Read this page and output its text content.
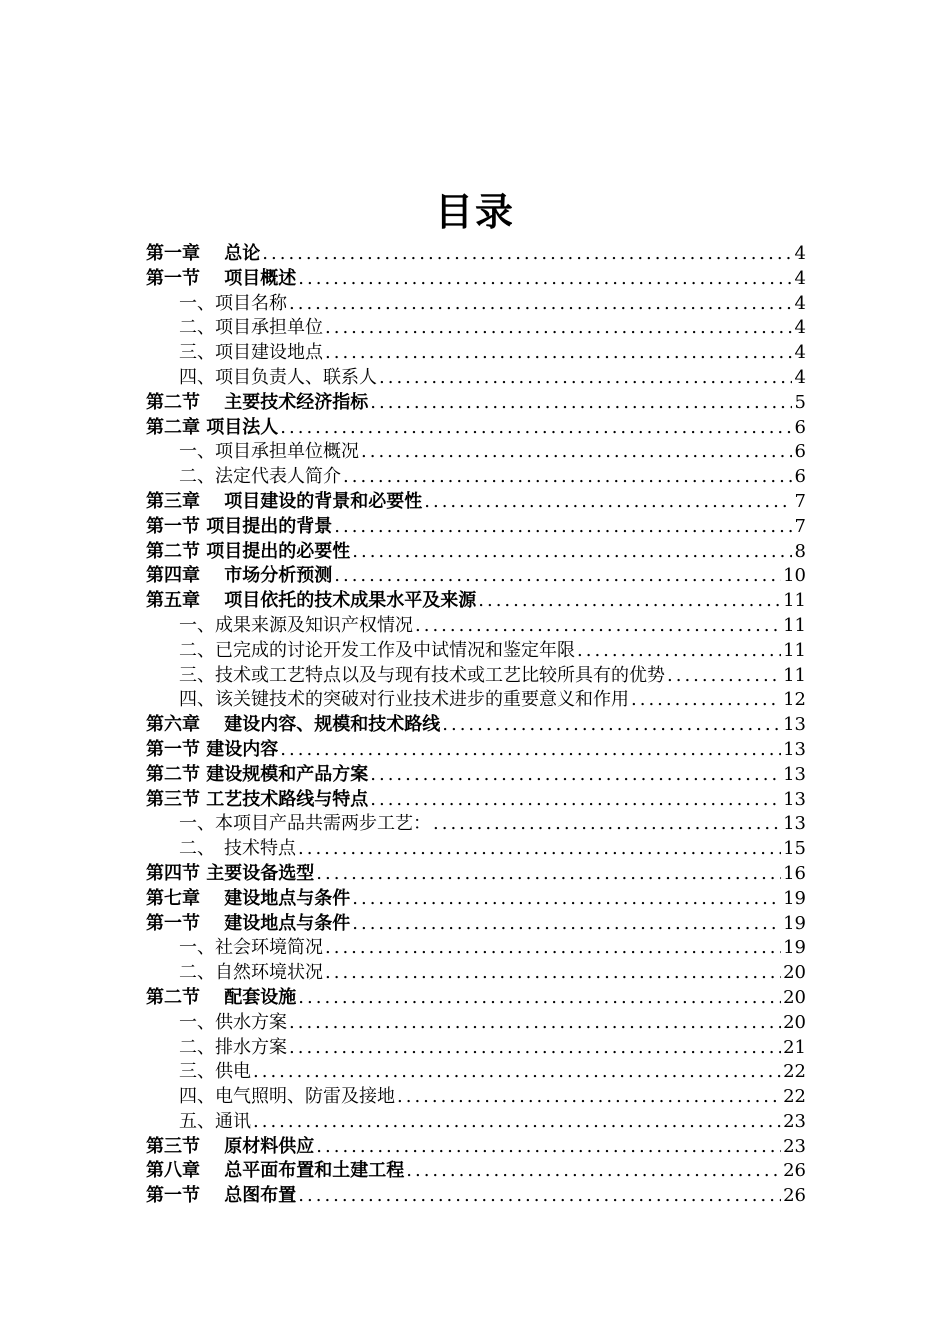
目录
第一章　 总论 .....	4
第一节　 项目概述 .....	4
一、项目名称 .....	4
二、项目承担单位 .....	4
三、项目建设地点 .....	4
四、项目负责人、联系人 .....	4
第二节　 主要技术经济指标 .....	5
第二章 项目法人 .....	6
一、项目承担单位概况 .....	6
二、法定代表人简介 .....	6
第三章　 项目建设的背景和必要性 .....	7
第一节 项目提出的背景 .....	7
第二节 项目提出的必要性 .....	8
第四章　 市场分析预测 .....	10
第五章　 项目依托的技术成果水平及来源 .....	11
一、成果来源及知识产权情况 .....	11
二、已完成的讨论开发工作及中试情况和鉴定年限 .....	11
三、技术或工艺特点以及与现有技术或工艺比较所具有的优势 .....	11
四、该关键技术的突破对行业技术进步的重要意义和作用 .....	12
第六章　 建设内容、规模和技术路线 .....	13
第一节 建设内容 .....	13
第二节 建设规模和产品方案 .....	13
第三节 工艺技术路线与特点 .....	13
一、本项目产品共需两步工艺： .....	13
二、　技术特点 .....	15
第四节 主要设备选型 .....	16
第七章　 建设地点与条件 .....	19
第一节　 建设地点与条件 .....	19
一、社会环境简况 .....	19
二、自然环境状况 .....	20
第二节　 配套设施 .....	20
一、供水方案 .....	20
二、排水方案 .....	21
三、供电 .....	22
四、电气照明、防雷及接地 .....	22
五、通讯 .....	23
第三节　 原材料供应 .....	23
第八章　 总平面布置和土建工程 .....	26
第一节　 总图布置 .....	26
